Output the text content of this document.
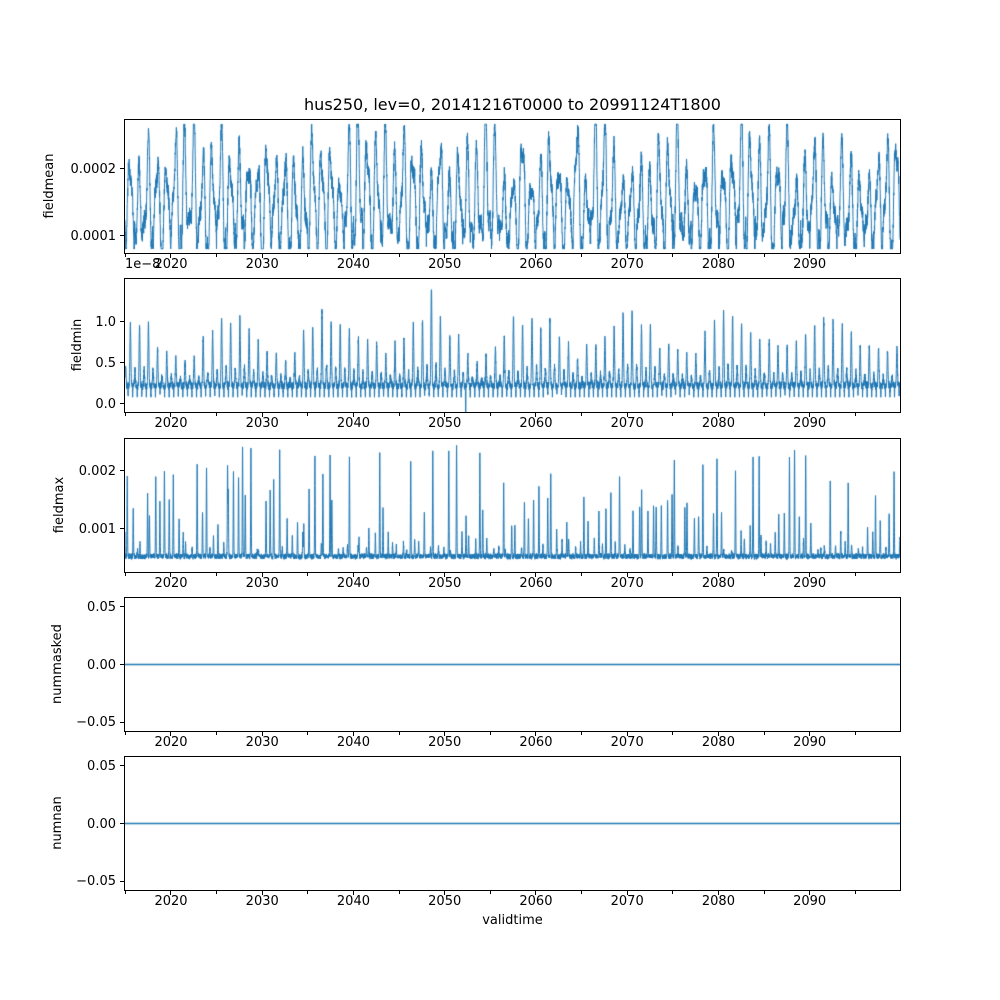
hus250, lev=0, 20141216T0000 to 20991124T1800
fieldmean
fieldmin
fieldmax
nummasked
numnan
1e−8
validtime
2020	2030	2040	2050	2060	2070	2080	2090
0.0001
0.0002
2020	2030	2040	2050	2060	2070	2080	2090
0.0
0.5
1.0
2020	2030	2040	2050	2060	2070	2080	2090
0.001
0.002
2020	2030	2040	2050	2060	2070	2080	2090
0.05
0.00
−0.05
2020	2030	2040	2050	2060	2070	2080	2090
0.05
0.00
−0.05
